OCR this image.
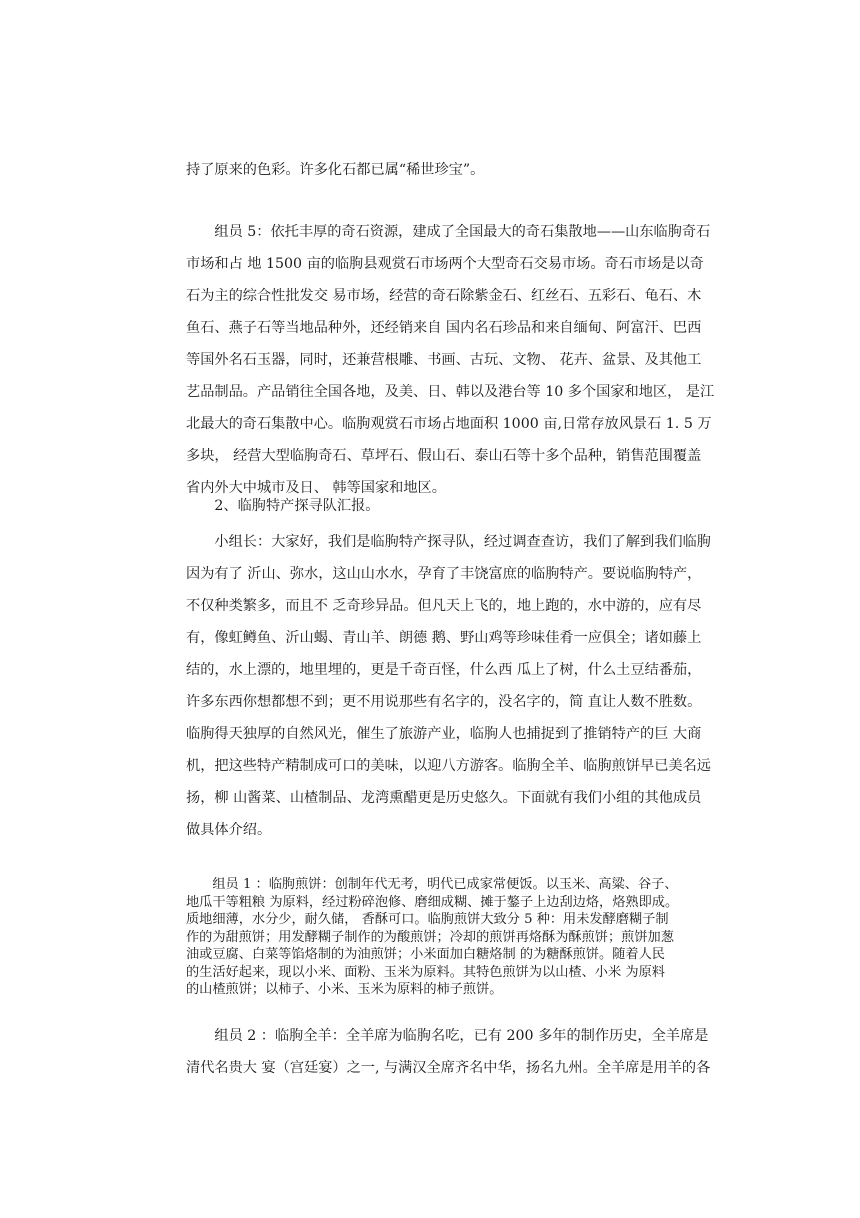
持了原来的色彩。许多化石都已属“稀世珍宝”。

　　组员 5：依托丰厚的奇石资源，建成了全国最大的奇石集散地——山东临朐奇石
市场和占 地 1500 亩的临朐县观赏石市场两个大型奇石交易市场。奇石市场是以奇
石为主的综合性批发交 易市场，经营的奇石除紫金石、红丝石、五彩石、龟石、木
鱼石、燕子石等当地品种外，还经销来自 国内名石珍品和来自缅甸、阿富汗、巴西
等国外名石玉器，同时，还兼营根雕、书画、古玩、文物、 花卉、盆景、及其他工
艺品制品。产品销往全国各地，及美、日、韩以及港台等 10 多个国家和地区， 是江
北最大的奇石集散中心。临朐观赏石市场占地面积 1000 亩,日常存放风景石 1. 5 万
多块， 经营大型临朐奇石、草坪石、假山石、泰山石等十多个品种，销售范围覆盖
省内外大中城市及日、 韩等国家和地区。

　　2、临朐特产探寻队汇报。

　　小组长：大家好，我们是临朐特产探寻队，经过调查查访，我们了解到我们临朐
因为有了 沂山、弥水，这山山水水，孕育了丰饶富庶的临朐特产。要说临朐特产，
不仅种类繁多，而且不 乏奇珍异品。但凡天上飞的，地上跑的，水中游的，应有尽
有，像虹鳟鱼、沂山蝎、青山羊、朗德 鹅、野山鸡等珍味佳肴一应俱全；诸如藤上
结的，水上漂的，地里埋的，更是千奇百怪，什么西 瓜上了树，什么土豆结番茄，
许多东西你想都想不到；更不用说那些有名字的，没名字的，简 直让人数不胜数。
临朐得天独厚的自然风光，催生了旅游产业，临朐人也捕捉到了推销特产的巨 大商
机，把这些特产精制成可口的美味，以迎八方游客。临朐全羊、临朐煎饼早已美名远
扬，柳 山酱菜、山楂制品、龙湾熏醋更是历史悠久。下面就有我们小组的其他成员
做具体介绍。

　　组员 1 ：临朐煎饼：创制年代无考，明代已成家常便饭。以玉米、高粱、谷子、
地瓜干等粗粮 为原料，经过粉碎泡修、磨细成糊、摊于鏊子上边刮边烙，烙熟即成。
质地细薄，水分少，耐久储， 香酥可口。临朐煎饼大致分 5 种：用未发酵磨糊子制
作的为甜煎饼；用发酵糊子制作的为酸煎饼；冷却的煎饼再烙酥为酥煎饼；煎饼加葱
油或豆腐、白菜等馅烙制的为油煎饼；小米面加白糖烙制 的为糖酥煎饼。随着人民
的生活好起来，现以小米、面粉、玉米为原料。其特色煎饼为以山楂、小米 为原料
的山楂煎饼；以柿子、小米、玉米为原料的柿子煎饼。

　　组员 2 ：临朐全羊：全羊席为临朐名吃，已有 200 多年的制作历史，全羊席是
清代名贵大 宴（宫廷宴）之一, 与满汉全席齐名中华，扬名九州。全羊席是用羊的各
